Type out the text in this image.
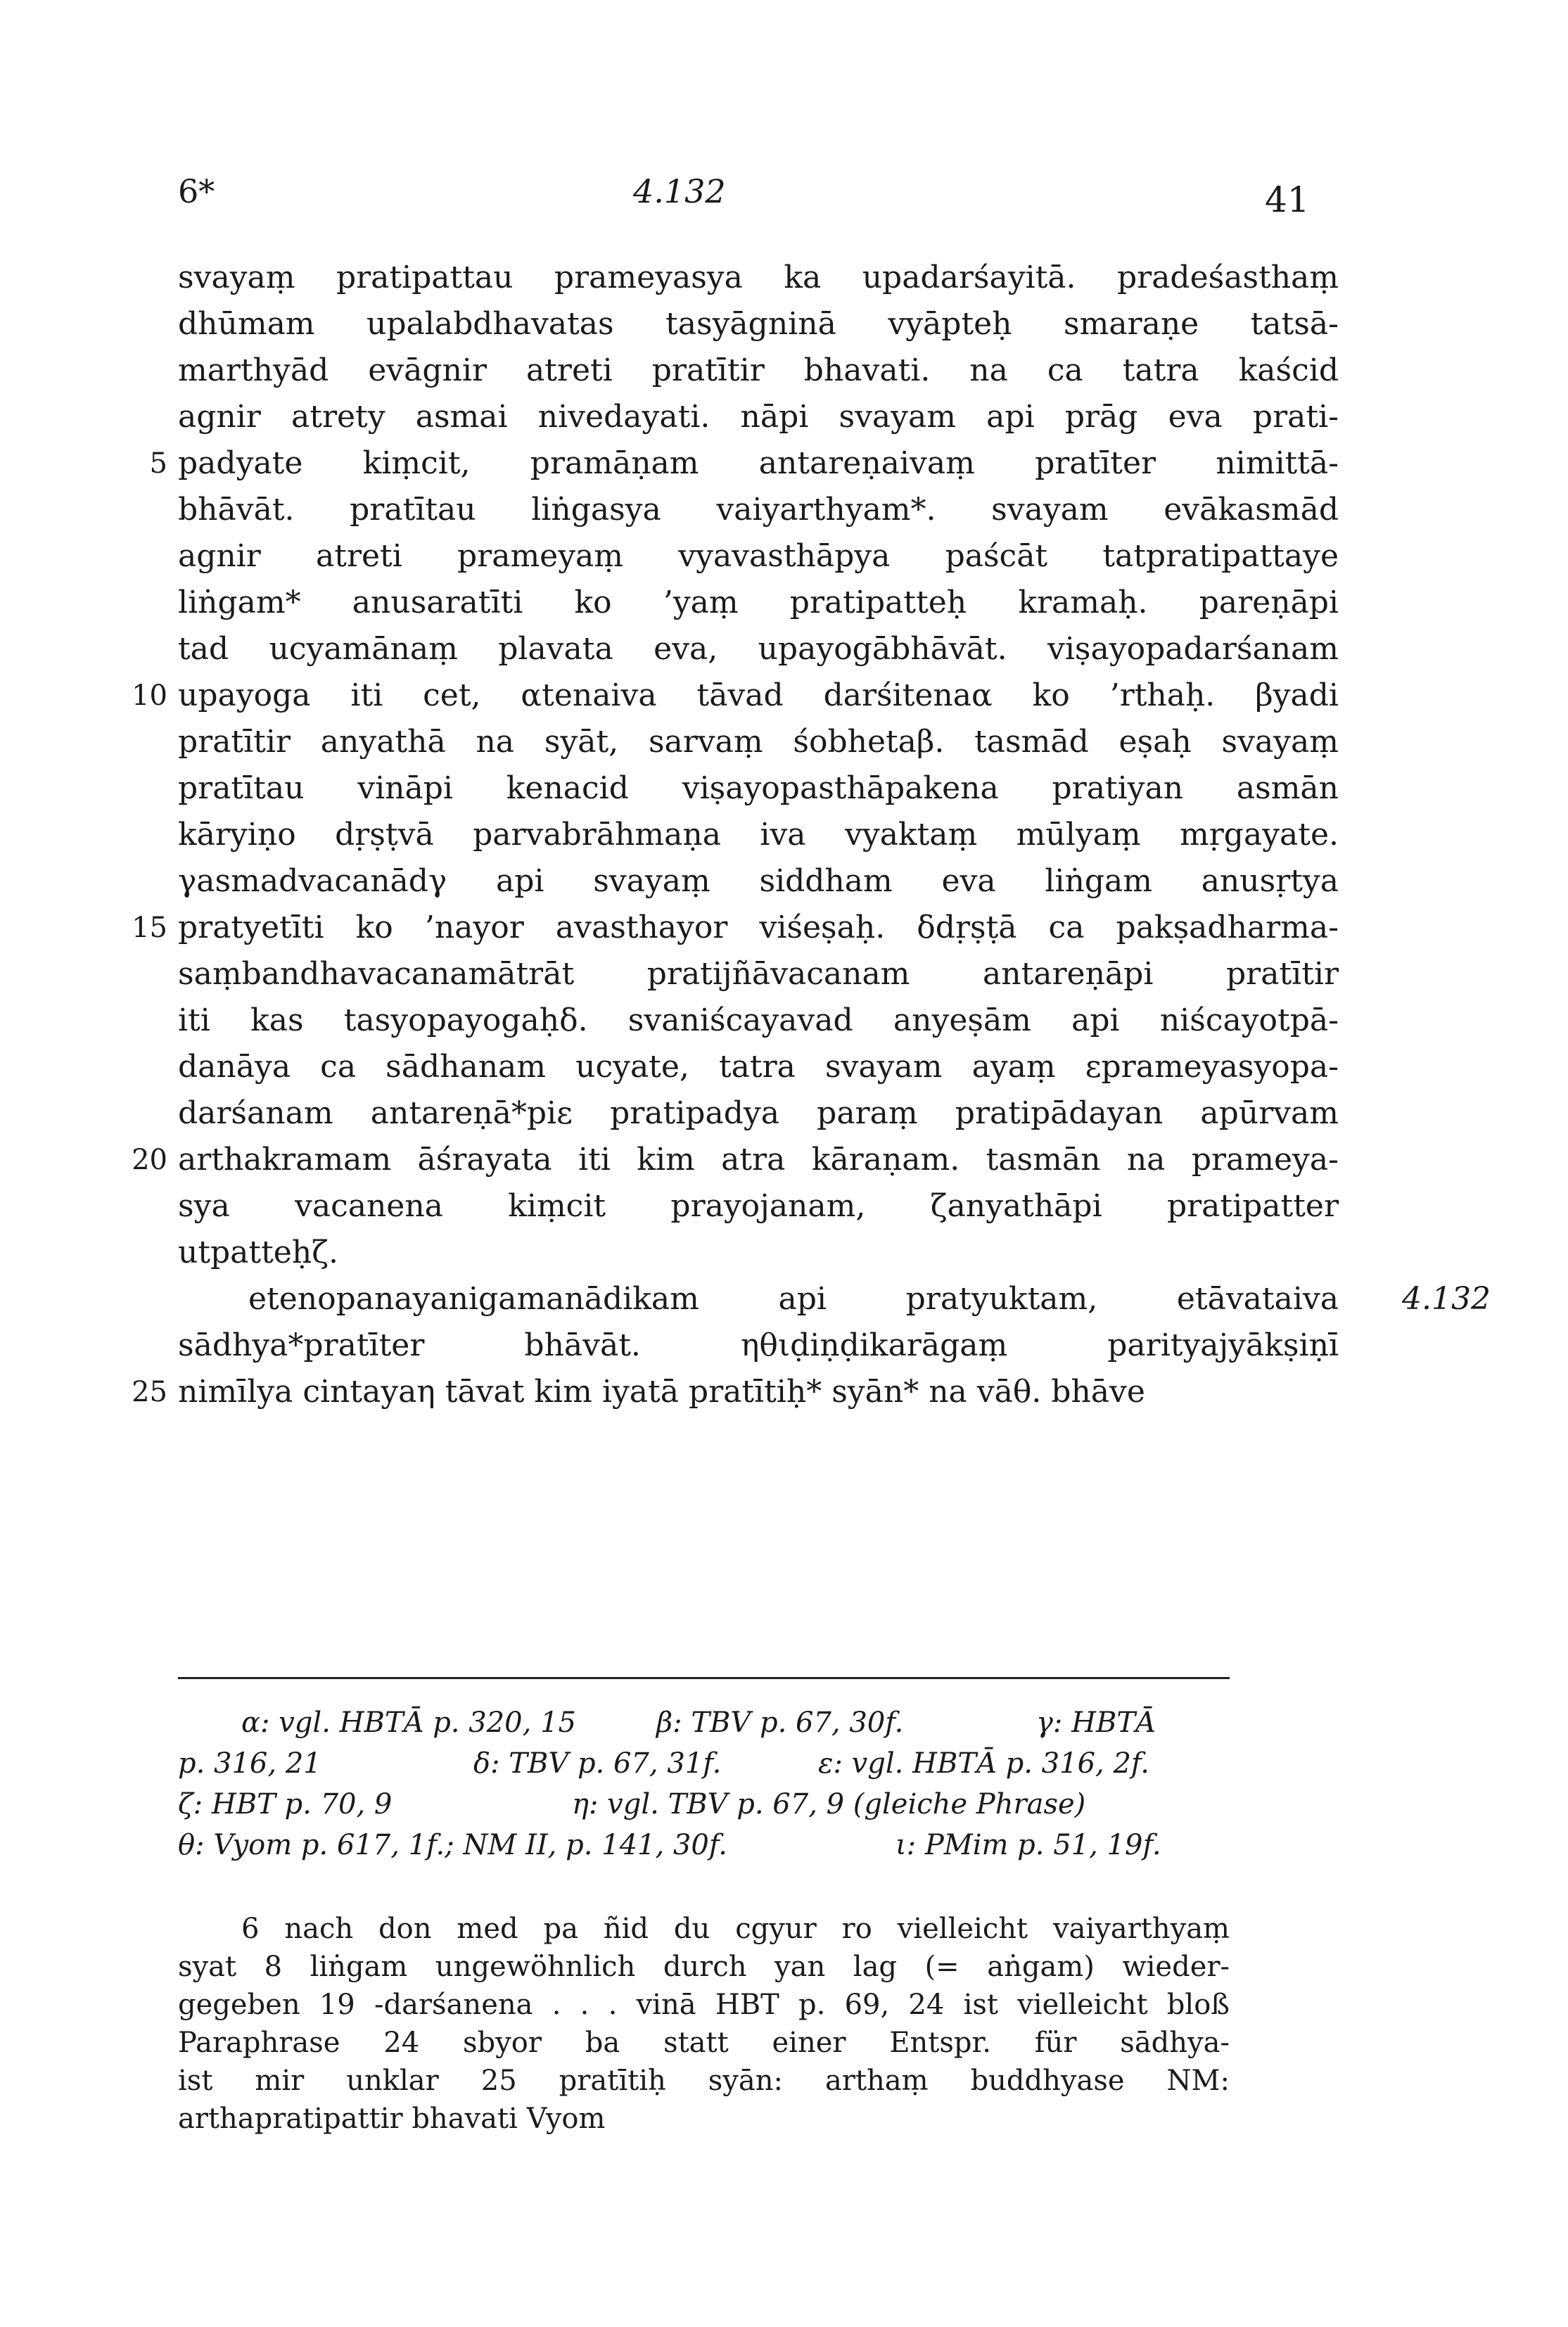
6*	4.132	41
svayaṃ pratipattau prameyasya ka upadarśayitā. pradeśasthaṃ
dhūmam upalabdhavatas tasyāgninā vyāpteḥ smaraṇe tatsā-
marthyād evāgnir atreti pratītir bhavati. na ca tatra kaścid
agnir atrety asmai nivedayati. nāpi svayam api prāg eva prati-
5 padyate kiṃcit, pramāṇam antareṇaivaṃ pratīter nimittā-
bhāvāt. pratītau liṅgasya vaiyarthyam*. svayam evākasmād
agnir atreti prameyaṃ vyavasthāpya paścāt tatpratipattaye
liṅgam* anusaratīti ko ’yaṃ pratipatteḥ kramaḥ. pareṇāpi
tad ucyamānaṃ plavata eva, upayogābhāvāt. viṣayopadarśanam
10 upayoga iti cet, αtenaiva tāvad darśitenaα ko ’rthaḥ. βyadi
pratītir anyathā na syāt, sarvaṃ śobhetaβ. tasmād eṣaḥ svayaṃ
pratītau vināpi kenacid viṣayopasthāpakena pratiyan asmān
kāryiṇo dṛṣṭvā parvabrāhmaṇa iva vyaktaṃ mūlyaṃ mṛgayate.
γasmadvacanādγ api svayaṃ siddham eva liṅgam anusṛtya
15 pratyetīti ko ’nayor avasthayor viśeṣaḥ. δdṛṣṭā ca pakṣadharma-
saṃbandhavacanamātrāt pratijñāvacanam antareṇāpi pratītir
iti kas tasyopayogaḥδ. svaniścayavad anyeṣām api niścayotpā-
danāya ca sādhanam ucyate, tatra svayam ayaṃ εprameyasyopa-
darśanam antareṇā*piε pratipadya paraṃ pratipādayan apūrvam
20 arthakramam āśrayata iti kim atra kāraṇam. tasmān na prameya-
sya vacanena kiṃcit prayojanam, ζanyathāpi pratipatter
utpatteḥζ.
etenopanayanigamanādikam api pratyuktam, etāvataiva
sādhya*pratīter bhāvāt. ηθιḍiṇḍikarāgaṃ parityajyākṣiṇī
25 nimīlya cintayaη tāvat kim iyatā pratītiḥ* syān* na vāθ. bhāve
4.132
α: vgl. HBTĀ p. 320, 15	β: TBV p. 67, 30f.	γ: HBTĀ
p. 316, 21	δ: TBV p. 67, 31f.	ε: vgl. HBTĀ p. 316, 2f.
ζ: HBT p. 70, 9	η: vgl. TBV p. 67, 9 (gleiche Phrase)
θ: Vyom p. 617, 1f.; NM II, p. 141, 30f.	ι: PMim p. 51, 19f.
6 nach don med pa ñid du cgyur ro vielleicht vaiyarthyaṃ
syat 8 liṅgam ungewöhnlich durch yan lag (= aṅgam) wieder-
gegeben 19 -darśanena . . . vinā HBT p. 69, 24 ist vielleicht bloß
Paraphrase 24 sbyor ba statt einer Entspr. für sādhya-
ist mir unklar 25 pratītiḥ syān: arthaṃ buddhyase NM:
arthapratipattir bhavati Vyom
